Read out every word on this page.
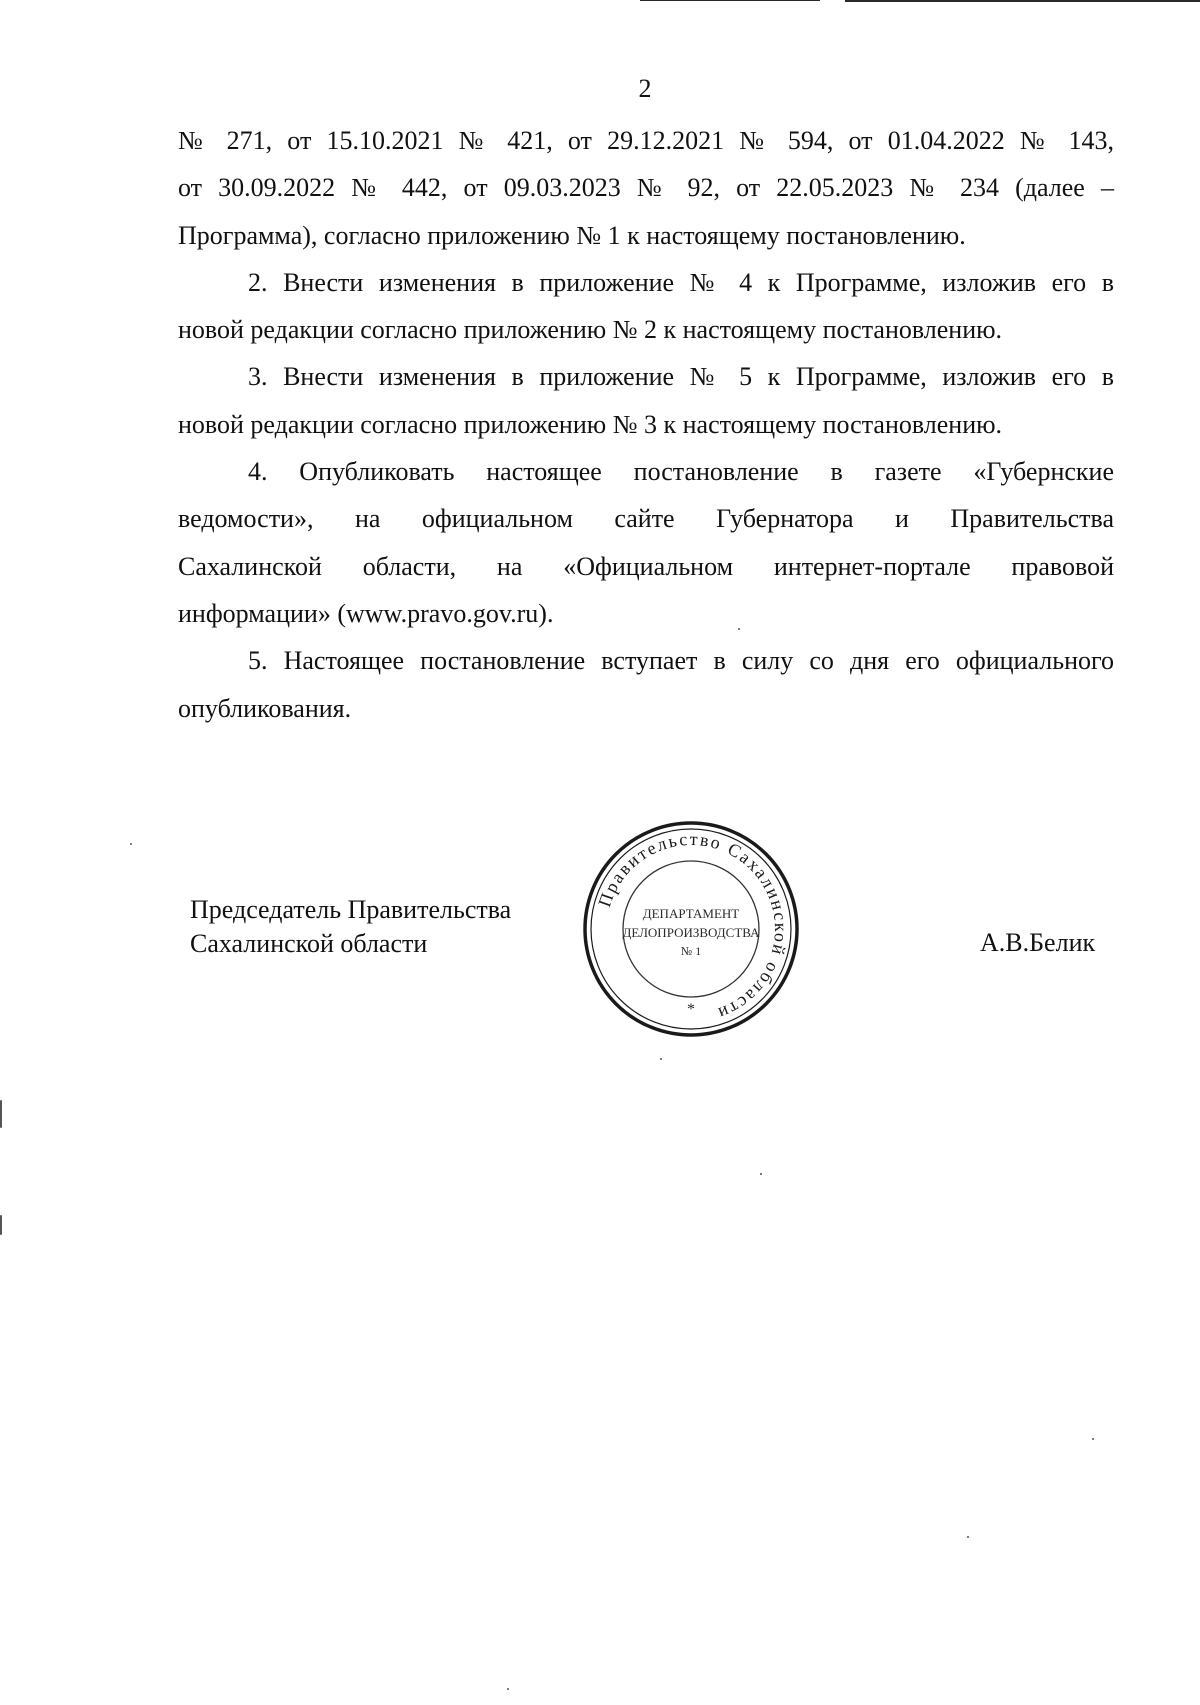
2

№ 271, от 15.10.2021 № 421, от 29.12.2021 № 594, от 01.04.2022 № 143,
от 30.09.2022 № 442, от 09.03.2023 № 92, от 22.05.2023 № 234 (далее –
Программа), согласно приложению № 1 к настоящему постановлению.

2. Внести изменения в приложение № 4 к Программе, изложив его в
новой редакции согласно приложению № 2 к настоящему постановлению.

3. Внести изменения в приложение № 5 к Программе, изложив его в
новой редакции согласно приложению № 3 к настоящему постановлению.

4. Опубликовать настоящее постановление в газете «Губернские
ведомости», на официальном сайте Губернатора и Правительства
Сахалинской области, на «Официальном интернет-портале правовой
информации» (www.pravo.gov.ru).

5. Настоящее постановление вступает в силу со дня его официального
опубликования.

Председатель Правительства
Сахалинской области
Правительство Сахалинской области
ДЕПАРТАМЕНТ
ДЕЛОПРОИЗВОДСТВА
№ 1
*
А.В.Белик
